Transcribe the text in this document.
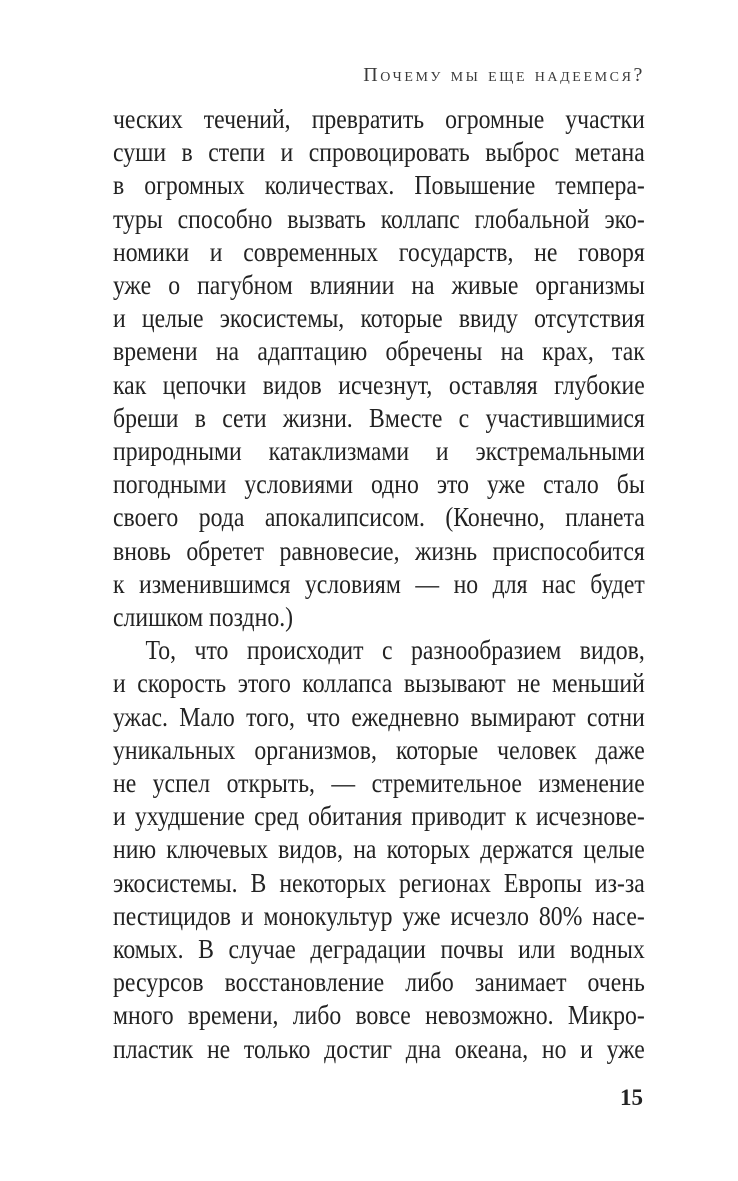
Почему мы еще надеемся?
ческих течений, превратить огромные участки
суши в степи и спровоцировать выброс метана
в огромных количествах. Повышение темпера-
туры способно вызвать коллапс глобальной эко-
номики и современных государств, не говоря
уже о пагубном влиянии на живые организмы
и целые экосистемы, которые ввиду отсутствия
времени на адаптацию обречены на крах, так
как цепочки видов исчезнут, оставляя глубокие
бреши в сети жизни. Вместе с участившимися
природными катаклизмами и экстремальными
погодными условиями одно это уже стало бы
своего рода апокалипсисом. (Конечно, планета
вновь обретет равновесие, жизнь приспособится
к изменившимся условиям — но для нас будет
слишком поздно.)
То, что происходит с разнообразием видов,
и скорость этого коллапса вызывают не меньший
ужас. Мало того, что ежедневно вымирают сотни
уникальных организмов, которые человек даже
не успел открыть, — стремительное изменение
и ухудшение сред обитания приводит к исчезнове-
нию ключевых видов, на которых держатся целые
экосистемы. В некоторых регионах Европы из-за
пестицидов и монокультур уже исчезло 80% насе-
комых. В случае деградации почвы или водных
ресурсов восстановление либо занимает очень
много времени, либо вовсе невозможно. Микро-
пластик не только достиг дна океана, но и уже
15
